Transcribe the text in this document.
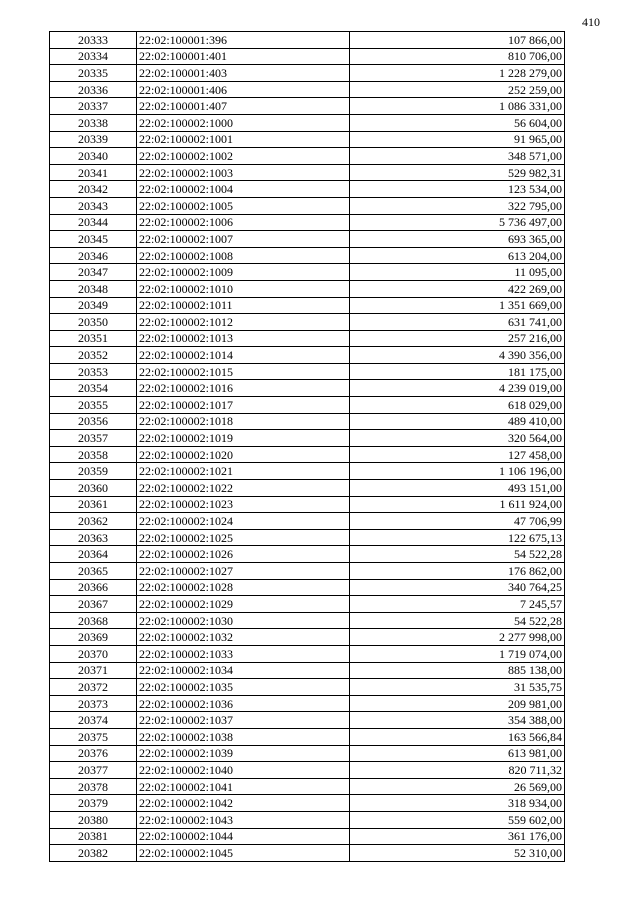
410
20333	22:02:100001:396	107 866,00
20334	22:02:100001:401	810 706,00
20335	22:02:100001:403	1 228 279,00
20336	22:02:100001:406	252 259,00
20337	22:02:100001:407	1 086 331,00
20338	22:02:100002:1000	56 604,00
20339	22:02:100002:1001	91 965,00
20340	22:02:100002:1002	348 571,00
20341	22:02:100002:1003	529 982,31
20342	22:02:100002:1004	123 534,00
20343	22:02:100002:1005	322 795,00
20344	22:02:100002:1006	5 736 497,00
20345	22:02:100002:1007	693 365,00
20346	22:02:100002:1008	613 204,00
20347	22:02:100002:1009	11 095,00
20348	22:02:100002:1010	422 269,00
20349	22:02:100002:1011	1 351 669,00
20350	22:02:100002:1012	631 741,00
20351	22:02:100002:1013	257 216,00
20352	22:02:100002:1014	4 390 356,00
20353	22:02:100002:1015	181 175,00
20354	22:02:100002:1016	4 239 019,00
20355	22:02:100002:1017	618 029,00
20356	22:02:100002:1018	489 410,00
20357	22:02:100002:1019	320 564,00
20358	22:02:100002:1020	127 458,00
20359	22:02:100002:1021	1 106 196,00
20360	22:02:100002:1022	493 151,00
20361	22:02:100002:1023	1 611 924,00
20362	22:02:100002:1024	47 706,99
20363	22:02:100002:1025	122 675,13
20364	22:02:100002:1026	54 522,28
20365	22:02:100002:1027	176 862,00
20366	22:02:100002:1028	340 764,25
20367	22:02:100002:1029	7 245,57
20368	22:02:100002:1030	54 522,28
20369	22:02:100002:1032	2 277 998,00
20370	22:02:100002:1033	1 719 074,00
20371	22:02:100002:1034	885 138,00
20372	22:02:100002:1035	31 535,75
20373	22:02:100002:1036	209 981,00
20374	22:02:100002:1037	354 388,00
20375	22:02:100002:1038	163 566,84
20376	22:02:100002:1039	613 981,00
20377	22:02:100002:1040	820 711,32
20378	22:02:100002:1041	26 569,00
20379	22:02:100002:1042	318 934,00
20380	22:02:100002:1043	559 602,00
20381	22:02:100002:1044	361 176,00
20382	22:02:100002:1045	52 310,00
